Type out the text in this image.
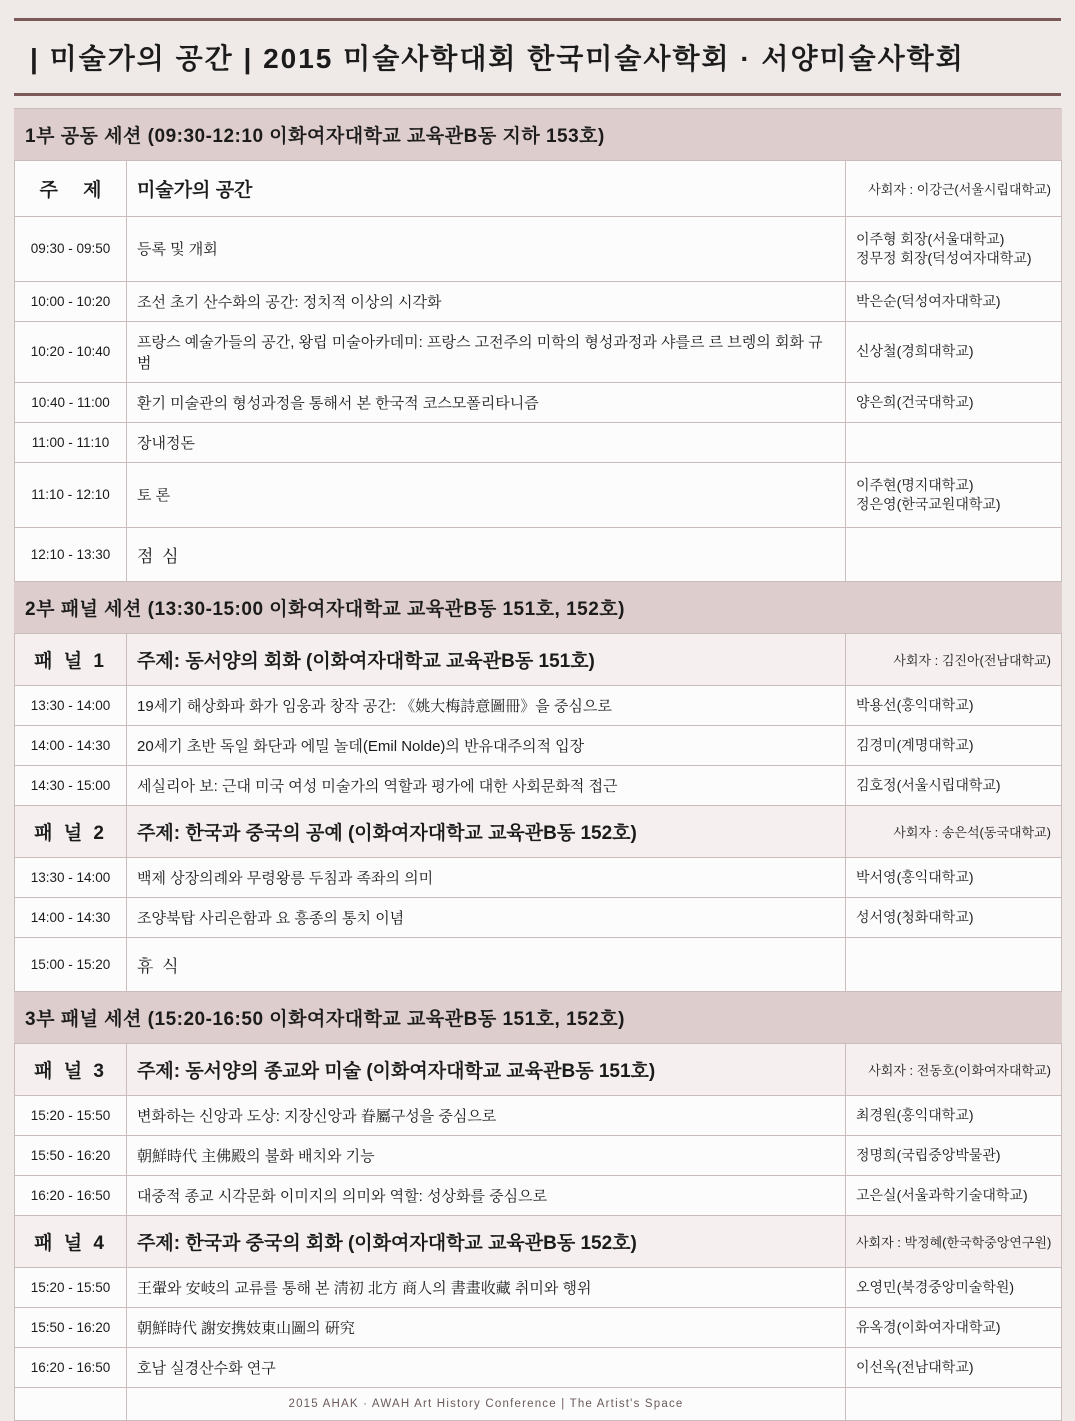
| 미술가의 공간 | 2015 미술사학대회 한국미술사학회 · 서양미술사학회
1부 공동 세션 (09:30-12:10 이화여자대학교 교육관B동 지하 153호)		
주 제	미술가의 공간	사회자 : 이강근(서울시립대학교)
09:30 - 09:50	등록 및 개회	이주형 회장(서울대학교)
정무정 회장(덕성여자대학교)

10:00 - 10:20	조선 초기 산수화의 공간: 정치적 이상의 시각화	박은순(덕성여자대학교)

10:20 - 10:40	프랑스 예술가들의 공간, 왕립 미술아카데미: 프랑스 고전주의 미학의 형성과정과 샤를르 르 브렝의 회화 규범	신상철(경희대학교)

10:40 - 11:00	환기 미술관의 형성과정을 통해서 본 한국적 코스모폴리타니즘	양은희(건국대학교)

11:00 - 11:10	장내정돈	
11:10 - 12:10	토 론	이주현(명지대학교)
정은영(한국교원대학교)

12:10 - 13:30	점 심	
2부 패널 세션 (13:30-15:00 이화여자대학교 교육관B동 151호, 152호)		
패 널 1	주제: 동서양의 회화 (이화여자대학교 교육관B동 151호)	사회자 : 김진아(전남대학교)
13:30 - 14:00	19세기 해상화파 화가 임웅과 창작 공간: 《姚大梅詩意圖冊》을 중심으로	박용선(홍익대학교)

14:00 - 14:30	20세기 초반 독일 화단과 에밀 놀데(Emil Nolde)의 반유대주의적 입장	김경미(계명대학교)

14:30 - 15:00	세실리아 보: 근대 미국 여성 미술가의 역할과 평가에 대한 사회문화적 접근	김호정(서울시립대학교)

패 널 2	주제: 한국과 중국의 공예 (이화여자대학교 교육관B동 152호)	사회자 : 송은석(동국대학교)
13:30 - 14:00	백제 상장의례와 무령왕릉 두침과 족좌의 의미	박서영(홍익대학교)

14:00 - 14:30	조양북탑 사리은함과 요 흥종의 통치 이념	성서영(청화대학교)

15:00 - 15:20	휴 식	
3부 패널 세션 (15:20-16:50 이화여자대학교 교육관B동 151호, 152호)		
패 널 3	주제: 동서양의 종교와 미술 (이화여자대학교 교육관B동 151호)	사회자 : 전동호(이화여자대학교)
15:20 - 15:50	변화하는 신앙과 도상: 지장신앙과 眷屬구성을 중심으로	최경원(홍익대학교)

15:50 - 16:20	朝鮮時代 主佛殿의 불화 배치와 기능	정명희(국립중앙박물관)

16:20 - 16:50	대중적 종교 시각문화 이미지의 의미와 역할: 성상화를 중심으로	고은실(서울과학기술대학교)

패 널 4	주제: 한국과 중국의 회화 (이화여자대학교 교육관B동 152호)	사회자 : 박정혜(한국학중앙연구원)
15:20 - 15:50	王翬와 安岐의 교류를 통해 본 淸初 北方 商人의 書畫收藏 취미와 행위	오영민(북경중앙미술학원)

15:50 - 16:20	朝鮮時代 謝安携妓東山圖의 硏究	유옥경(이화여자대학교)

16:20 - 16:50	호남 실경산수화 연구	이선옥(전남대학교)

	2015 AHAK · AWAH Art History Conference | The Artist's Space	
